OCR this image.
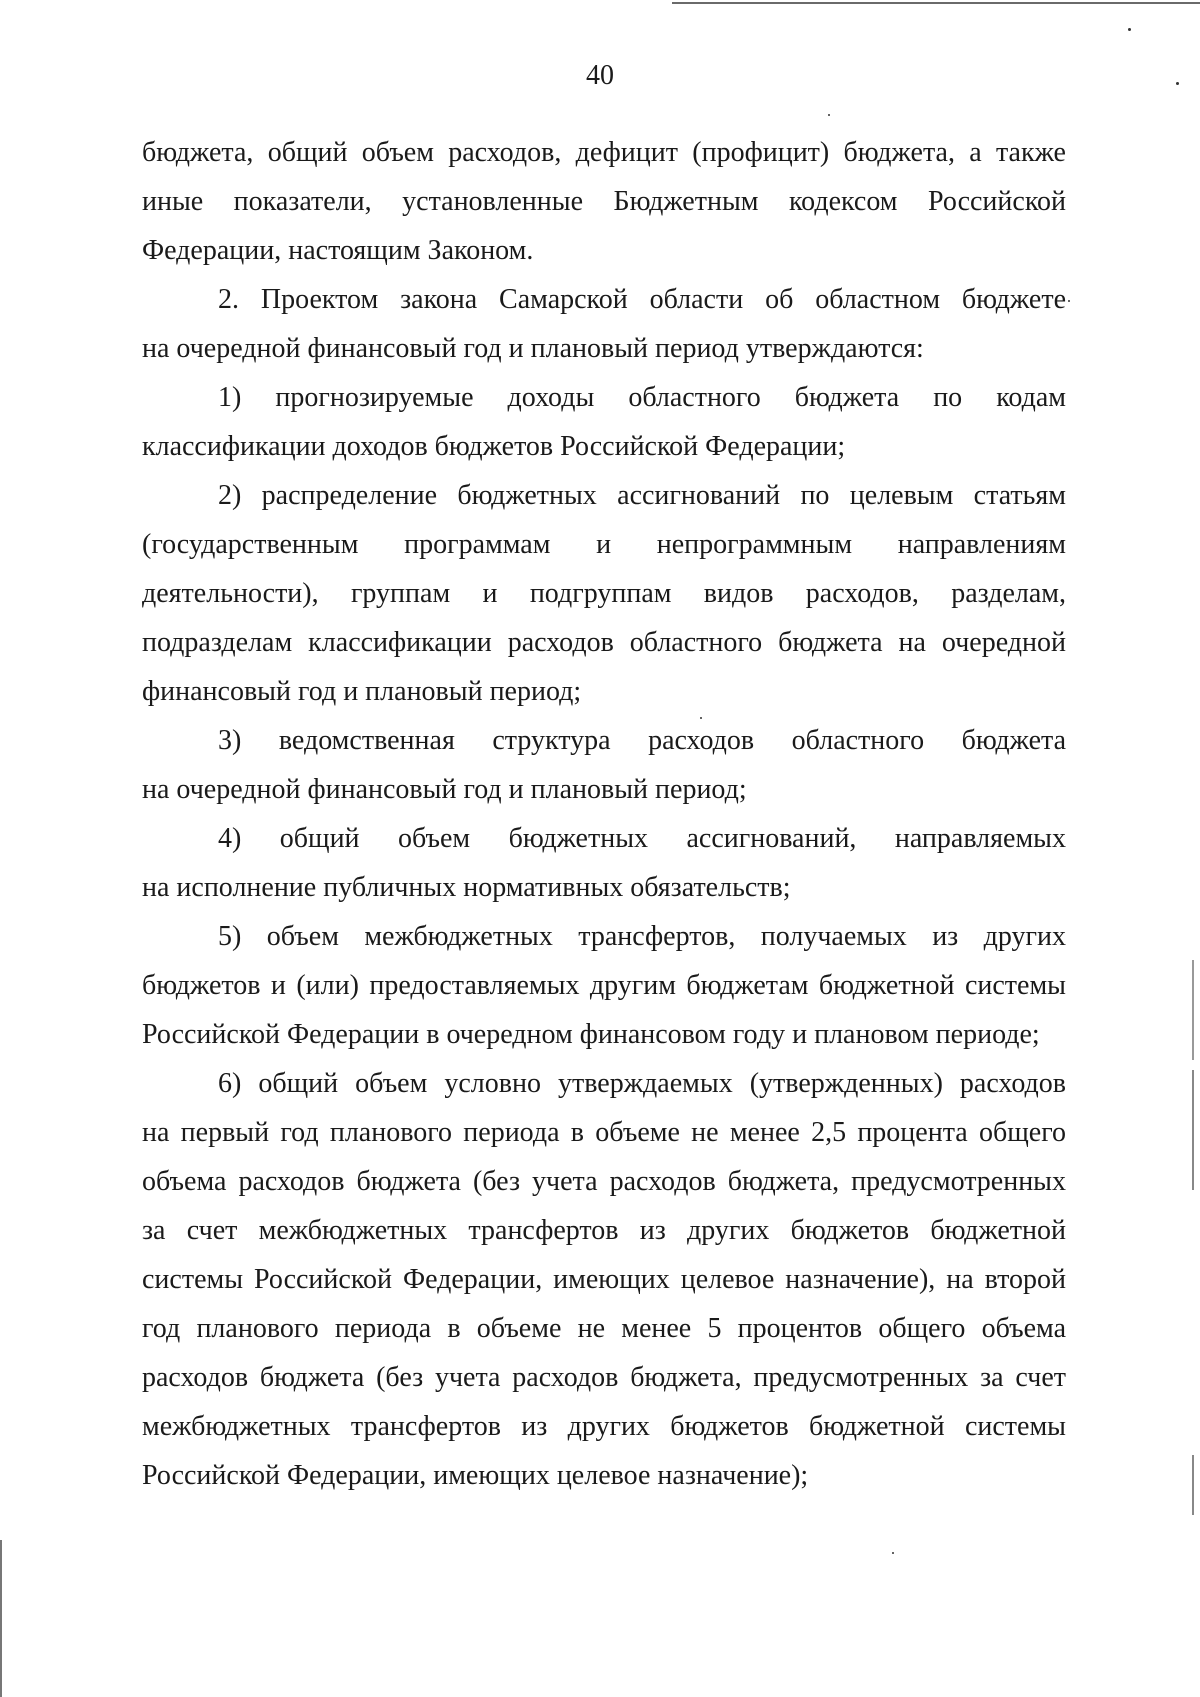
40
бюджета, общий объем расходов, дефицит (профицит) бюджета, а также
иные показатели, установленные Бюджетным кодексом Российской
Федерации, настоящим Законом.
2. Проектом закона Самарской области об областном бюджете
на очередной финансовый год и плановый период утверждаются:
1) прогнозируемые доходы областного бюджета по кодам
классификации доходов бюджетов Российской Федерации;
2) распределение бюджетных ассигнований по целевым статьям
(государственным программам и непрограммным направлениям
деятельности), группам и подгруппам видов расходов, разделам,
подразделам классификации расходов областного бюджета на очередной
финансовый год и плановый период;
3) ведомственная структура расходов областного бюджета
на очередной финансовый год и плановый период;
4) общий объем бюджетных ассигнований, направляемых
на исполнение публичных нормативных обязательств;
5) объем межбюджетных трансфертов, получаемых из других
бюджетов и (или) предоставляемых другим бюджетам бюджетной системы
Российской Федерации в очередном финансовом году и плановом периоде;
6) общий объем условно утверждаемых (утвержденных) расходов
на первый год планового периода в объеме не менее 2,5 процента общего
объема расходов бюджета (без учета расходов бюджета, предусмотренных
за счет межбюджетных трансфертов из других бюджетов бюджетной
системы Российской Федерации, имеющих целевое назначение), на второй
год планового периода в объеме не менее 5 процентов общего объема
расходов бюджета (без учета расходов бюджета, предусмотренных за счет
межбюджетных трансфертов из других бюджетов бюджетной системы
Российской Федерации, имеющих целевое назначение);
